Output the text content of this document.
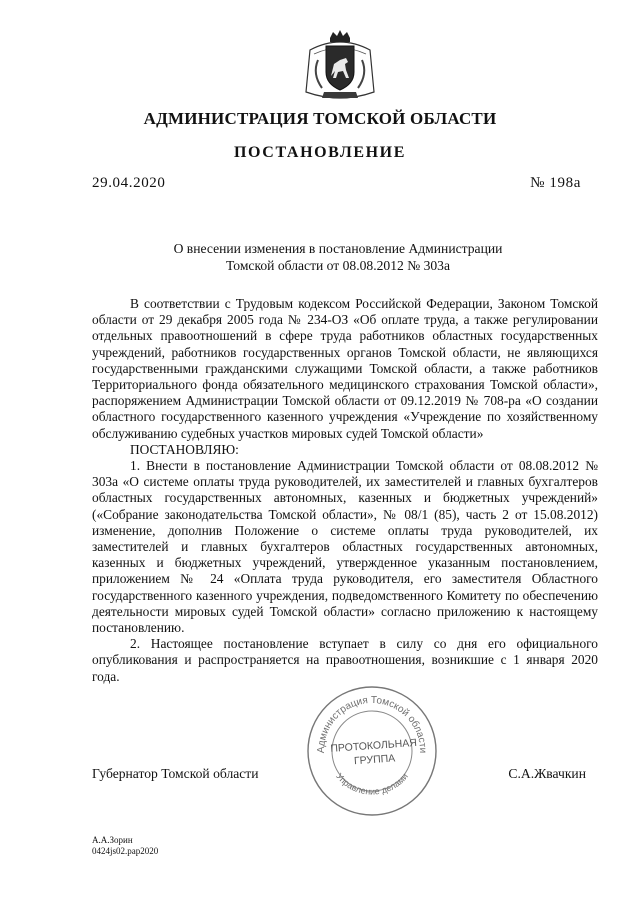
АДМИНИСТРАЦИЯ ТОМСКОЙ ОБЛАСТИ
ПОСТАНОВЛЕНИЕ
29.04.2020	№ 198а
О внесении изменения в постановление Администрации
Томской области от 08.08.2012 № 303а

В соответствии с Трудовым кодексом Российской Федерации, Законом Томской области от 29 декабря 2005 года № 234-ОЗ «Об оплате труда, а также регулировании отдельных правоотношений в сфере труда работников областных государственных учреждений, работников государственных органов Томской области, не являющихся государственными гражданскими служащими Томской области, а также работников Территориального фонда обязательного медицинского страхования Томской области», распоряжением Администрации Томской области от 09.12.2019 № 708-ра «О создании областного государственного казенного учреждения «Учреждение по хозяйственному обслуживанию судебных участков мировых судей Томской области»

ПОСТАНОВЛЯЮ:

1. Внести в постановление Администрации Томской области от 08.08.2012 № 303а «О системе оплаты труда руководителей, их заместителей и главных бухгалтеров областных государственных автономных, казенных и бюджетных учреждений» («Собрание законодательства Томской области», № 08/1 (85), часть 2 от 15.08.2012) изменение, дополнив Положение о системе оплаты труда руководителей, их заместителей и главных бухгалтеров областных государственных автономных, казенных и бюджетных учреждений, утвержденное указанным постановлением, приложением № 24 «Оплата труда руководителя, его заместителя Областного государственного казенного учреждения, подведомственного Комитету по обеспечению деятельности мировых судей Томской области» согласно приложению к настоящему постановлению.

2. Настоящее постановление вступает в силу со дня его официального опубликования и распространяется на правоотношения, возникшие с 1 января 2020 года.

Губернатор Томской области	С.А.Жвачкин
Администрация Томской области
Управление делами
ПРОТОКОЛЬНАЯ
ГРУППА
А.А.Зорин
0424js02.pap2020
